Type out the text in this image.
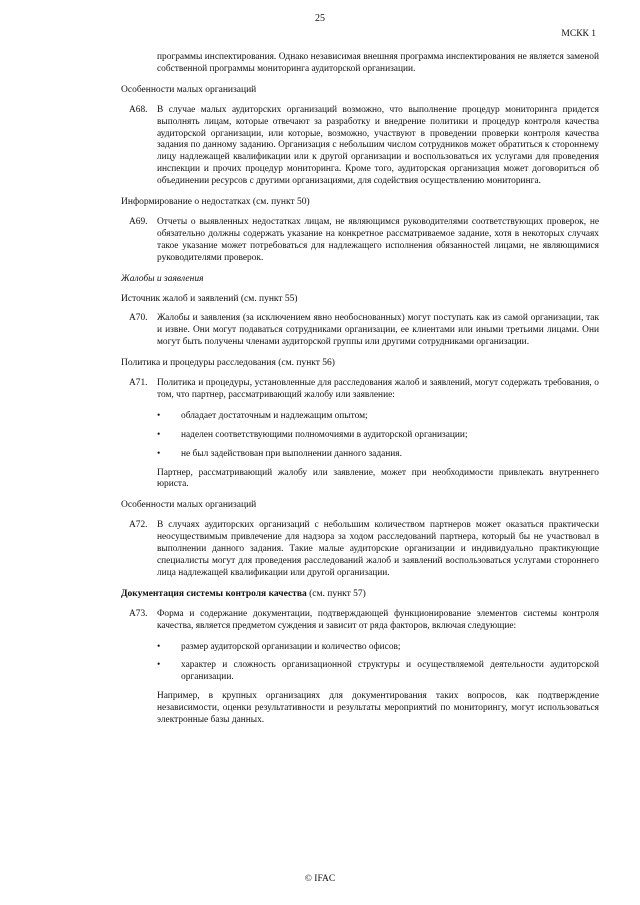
25
МСКК 1
программы инспектирования. Однако независимая внешняя программа инспектирования не является заменой собственной программы мониторинга аудиторской организации.
Особенности малых организаций
A68.	В случае малых аудиторских организаций возможно, что выполнение процедур мониторинга придется выполнять лицам, которые отвечают за разработку и внедрение политики и процедур контроля качества аудиторской организации, или которые, возможно, участвуют в проведении проверки контроля качества задания по данному заданию. Организация с небольшим числом сотрудников может обратиться к стороннему лицу надлежащей квалификации или к другой организации и воспользоваться их услугами для проведения инспекции и прочих процедур мониторинга. Кроме того, аудиторская организация может договориться об объединении ресурсов с другими организациями, для содействия осуществлению мониторинга.
Информирование о недостатках (см. пункт 50)
A69.	Отчеты о выявленных недостатках лицам, не являющимся руководителями соответствующих проверок, не обязательно должны содержать указание на конкретное рассматриваемое задание, хотя в некоторых случаях такое указание может потребоваться для надлежащего исполнения обязанностей лицами, не являющимися руководителями проверок.
Жалобы и заявления
Источник жалоб и заявлений (см. пункт 55)
A70.	Жалобы и заявления (за исключением явно необоснованных) могут поступать как из самой организации, так и извне. Они могут подаваться сотрудниками организации, ее клиентами или иными третьими лицами. Они могут быть получены членами аудиторской группы или другими сотрудниками организации.
Политика и процедуры расследования (см. пункт 56)
A71.	Политика и процедуры, установленные для расследования жалоб и заявлений, могут содержать требования, о том, что партнер, рассматривающий жалобу или заявление:
•	обладает достаточным и надлежащим опытом;
•	наделен соответствующими полномочиями в аудиторской организации;
•	не был задействован при выполнении данного задания.
Партнер, рассматривающий жалобу или заявление, может при необходимости привлекать внутреннего юриста.
Особенности малых организаций
A72.	В случаях аудиторских организаций с небольшим количеством партнеров может оказаться практически неосуществимым привлечение для надзора за ходом расследований партнера, который бы не участвовал в выполнении данного задания. Такие малые аудиторские организации и индивидуально практикующие специалисты могут для проведения расследований жалоб и заявлений воспользоваться услугами стороннего лица надлежащей квалификации или другой организации.
Документация системы контроля качества (см. пункт 57)
A73.	Форма и содержание документации, подтверждающей функционирование элементов системы контроля качества, является предметом суждения и зависит от ряда факторов, включая следующие:
•	размер аудиторской организации и количество офисов;
•	характер и сложность организационной структуры и осуществляемой деятельности аудиторской организации.
Например, в крупных организациях для документирования таких вопросов, как подтверждение независимости, оценки результативности и результаты мероприятий по мониторингу, могут использоваться электронные базы данных.
© IFAC
